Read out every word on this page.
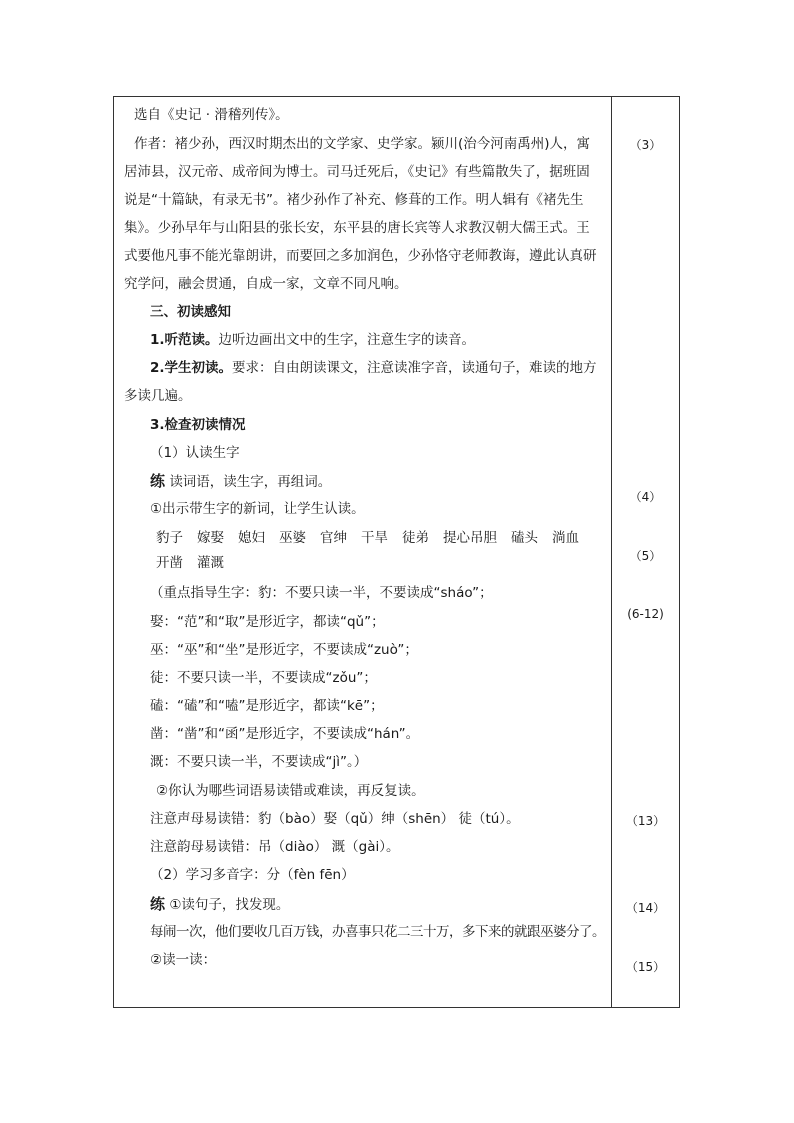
选自《史记 · 滑稽列传》。
作者：褚少孙，西汉时期杰出的文学家、史学家。颍川(治今河南禹州)人，寓
居沛县，汉元帝、成帝间为博士。司马迁死后，《史记》有些篇散失了，据班固
说是“十篇缺，有录无书”。褚少孙作了补充、修葺的工作。明人辑有《褚先生
集》。少孙早年与山阳县的张长安，东平县的唐长宾等人求教汉朝大儒王式。王
式要他凡事不能光靠朗讲，而要回之多加润色，少孙恪守老师教诲，遵此认真研
究学问，融会贯通，自成一家，文章不同凡响。
三、初读感知
1.听范读。边听边画出文中的生字，注意生字的读音。
2.学生初读。要求：自由朗读课文，注意读准字音，读通句子，难读的地方
多读几遍。
3.检查初读情况
（1）认读生字
练 读词语，读生字，再组词。
①出示带生字的新词，让学生认读。
豹子 嫁娶 媳妇 巫婆 官绅 干旱 徒弟 提心吊胆 磕头 淌血
开凿 灌溉
（重点指导生字：豹：不要只读一半，不要读成“sháo”；
娶：“范”和“取”是形近字，都读“qǔ”；
巫：“巫”和“坐”是形近字，不要读成“zuò”；
徒：不要只读一半，不要读成“zǒu”；
磕：“磕”和“嗑”是形近字，都读“kē”；
凿：“凿”和“函”是形近字，不要读成“hán”。
溉：不要只读一半，不要读成“jì”。）
②你认为哪些词语易读错或难读，再反复读。
注意声母易读错：豹（bào）娶（qǔ）绅（shēn） 徒（tú）。
注意韵母易读错：吊（diào） 溉（gài）。
（2）学习多音字：分（fèn fēn）
练 ①读句子，找发现。
每闹一次，他们要收几百万钱，办喜事只花二三十万，多下来的就跟巫婆分了。
②读一读：
（3）
（4）
（5）
(6-12)
（13）
（14）
（15）
